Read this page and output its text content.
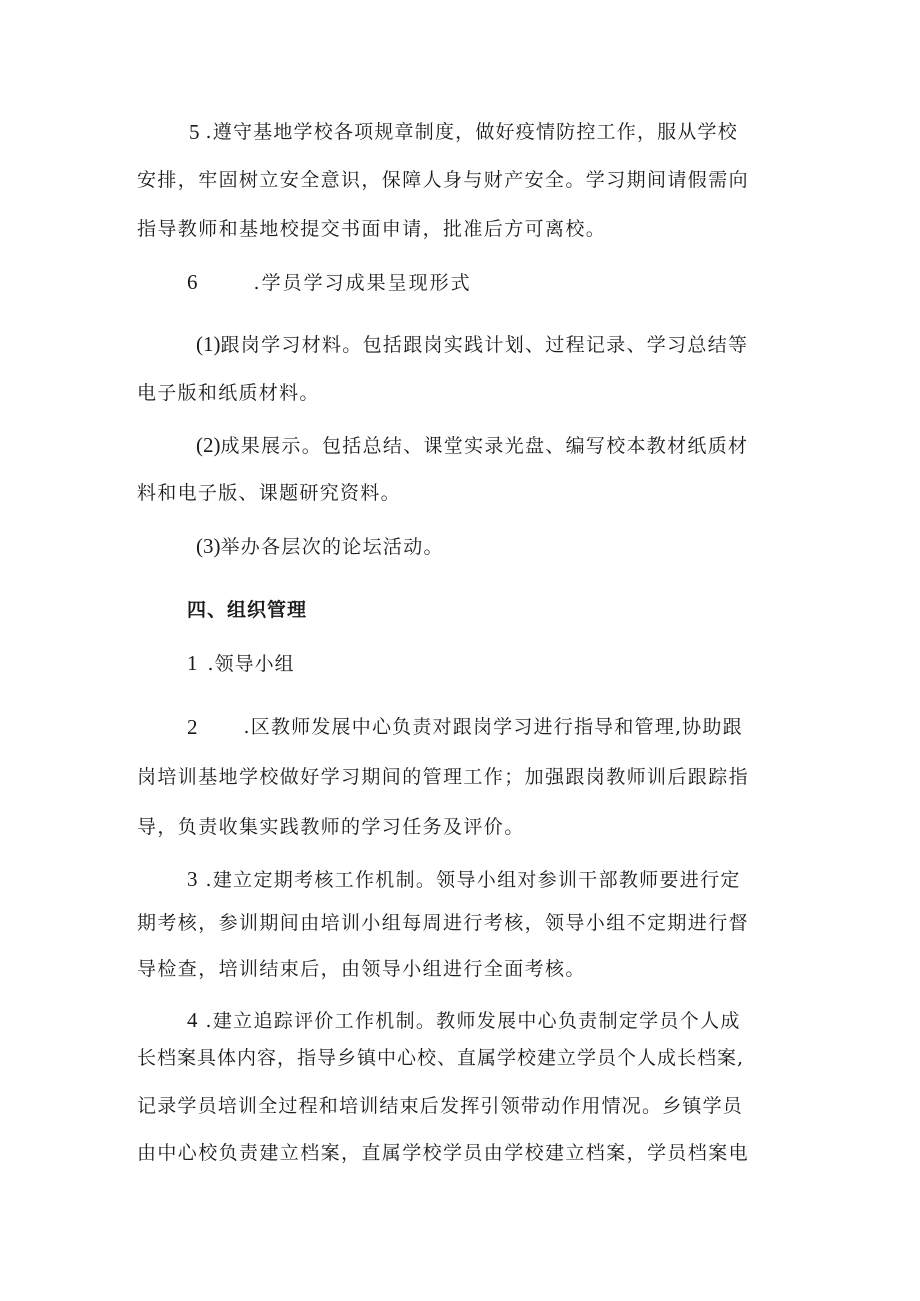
5 .遵守基地学校各项规章制度，做好疫情防控工作，服从学校
安排，牢固树立安全意识，保障人身与财产安全。学习期间请假需向
指导教师和基地校提交书面申请，批准后方可离校。
6	.学员学习成果呈现形式
(1)跟岗学习材料。包括跟岗实践计划、过程记录、学习总结等
电子版和纸质材料。
(2)成果展示。包括总结、课堂实录光盘、编写校本教材纸质材
料和电子版、课题研究资料。
(3)举办各层次的论坛活动。
四、组织管理
1 .领导小组
2 .区教师发展中心负责对跟岗学习进行指导和管理,协助跟
岗培训基地学校做好学习期间的管理工作；加强跟岗教师训后跟踪指
导，负责收集实践教师的学习任务及评价。
3 .建立定期考核工作机制。领导小组对参训干部教师要进行定
期考核，参训期间由培训小组每周进行考核，领导小组不定期进行督
导检查，培训结束后，由领导小组进行全面考核。
4 .建立追踪评价工作机制。教师发展中心负责制定学员个人成
长档案具体内容，指导乡镇中心校、直属学校建立学员个人成长档案,
记录学员培训全过程和培训结束后发挥引领带动作用情况。乡镇学员
由中心校负责建立档案，直属学校学员由学校建立档案，学员档案电
